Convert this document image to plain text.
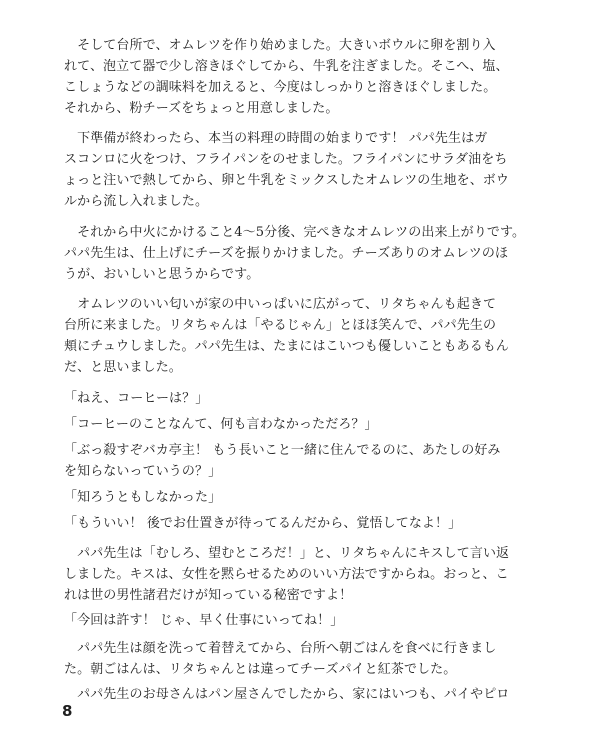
　そして台所で、オムレツを作り始めました。大きいボウルに卵を割り入
れて、泡立て器で少し溶きほぐしてから、牛乳を注ぎました。そこへ、塩、
こしょうなどの調味料を加えると、今度はしっかりと溶きほぐしました。
それから、粉チーズをちょっと用意しました。
　下準備が終わったら、本当の料理の時間の始まりです！ パパ先生はガ
スコンロに火をつけ、フライパンをのせました。フライパンにサラダ油をち
ょっと注いで熱してから、卵と牛乳をミックスしたオムレツの生地を、ボウ
ルから流し入れました。
　それから中火にかけること4～5分後、完ぺきなオムレツの出来上がりです。
パパ先生は、仕上げにチーズを振りかけました。チーズありのオムレツのほ
うが、おいしいと思うからです。
　オムレツのいい匂いが家の中いっぱいに広がって、リタちゃんも起きて
台所に来ました。リタちゃんは「やるじゃん」とほほ笑んで、パパ先生の
頬にチュウしました。パパ先生は、たまにはこいつも優しいこともあるもん
だ、と思いました。
「ねえ、コーヒーは？」
「コーヒーのことなんて、何も言わなかっただろ？」
「ぶっ殺すぞバカ亭主！ もう長いこと一緒に住んでるのに、あたしの好み
を知らないっていうの？」
「知ろうともしなかった」
「もういい！ 後でお仕置きが待ってるんだから、覚悟してなよ！」
　パパ先生は「むしろ、望むところだ！」と、リタちゃんにキスして言い返
しました。キスは、女性を黙らせるためのいい方法ですからね。おっと、こ
れは世の男性諸君だけが知っている秘密ですよ！
「今回は許す！ じゃ、早く仕事にいってね！」
　パパ先生は顔を洗って着替えてから、台所へ朝ごはんを食べに行きまし
た。朝ごはんは、リタちゃんとは違ってチーズパイと紅茶でした。
　パパ先生のお母さんはパン屋さんでしたから、家にはいつも、パイやピロ
8
